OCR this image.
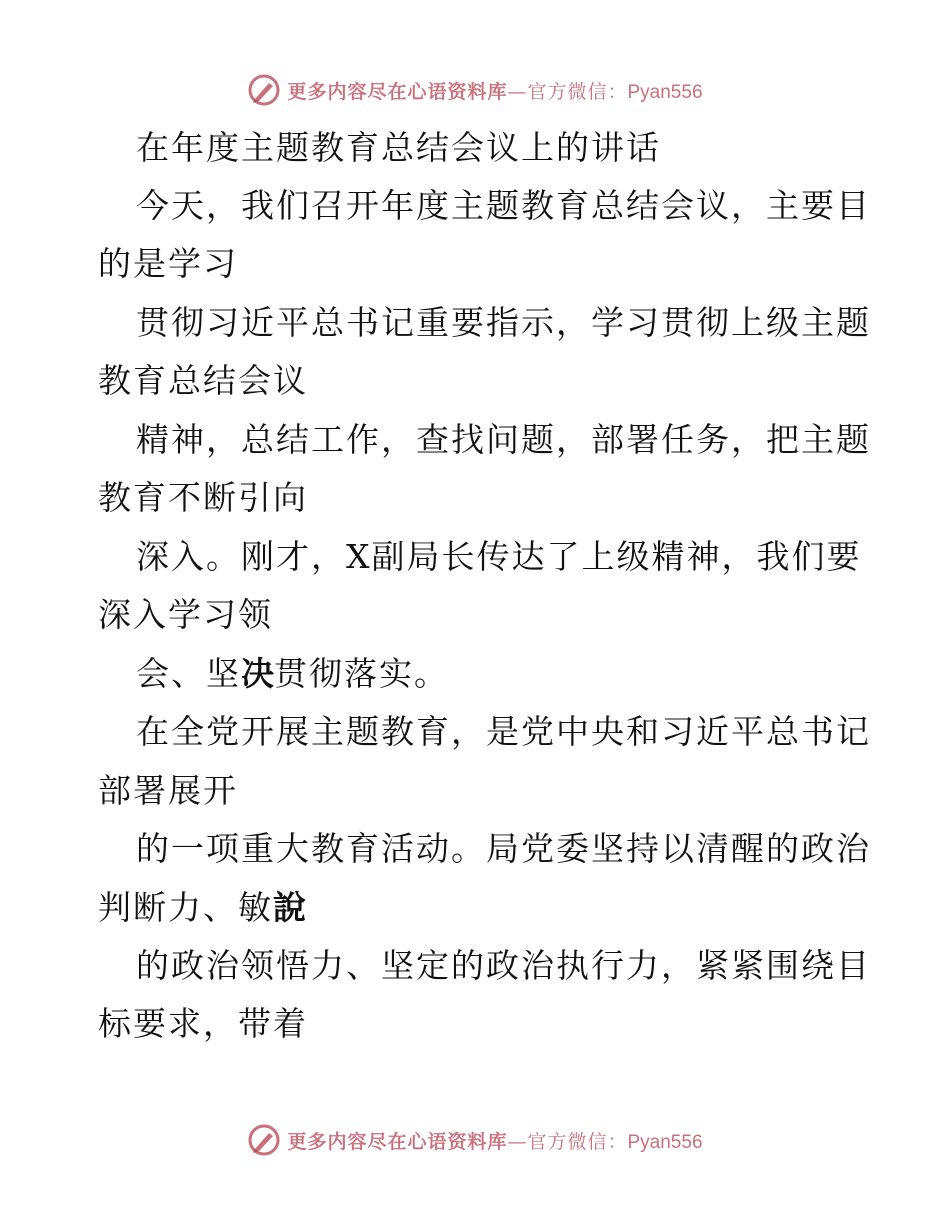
更多内容尽在心语资料库—官方微信：Pyan556
在年度主题教育总结会议上的讲话
今天，我们召开年度主题教育总结会议，主要目
的是学习
贯彻习近平总书记重要指示，学习贯彻上级主题
教育总结会议
精神，总结工作，查找问题，部署任务，把主题
教育不断引向
深入。刚才，X副局长传达了上级精神，我们要
深入学习领
会、坚决贯彻落实。
在全党开展主题教育，是党中央和习近平总书记
部署展开
的一项重大教育活动。局党委坚持以清醒的政治
判断力、敏說
的政治领悟力、坚定的政治执行力，紧紧围绕目
标要求，带着
更多内容尽在心语资料库—官方微信：Pyan556
